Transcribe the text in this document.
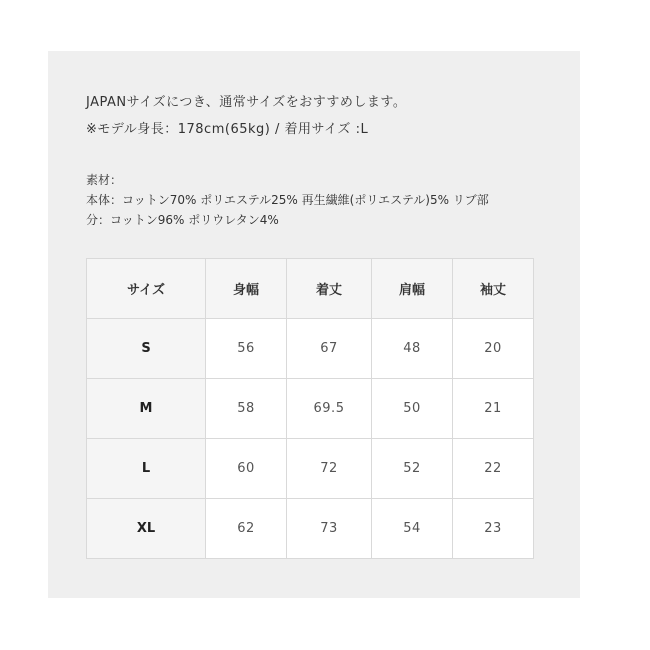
JAPANサイズにつき、通常サイズをおすすめします。
※モデル身長：178cm(65kg) / 着用サイズ :L
素材：
本体：コットン70% ポリエステル25% 再生繊維(ポリエステル)5% リブ部
分：コットン96% ポリウレタン4%
サイズ	身幅	着丈	肩幅	袖丈
S	56	67	48	20
M	58	69.5	50	21
L	60	72	52	22
XL	62	73	54	23
